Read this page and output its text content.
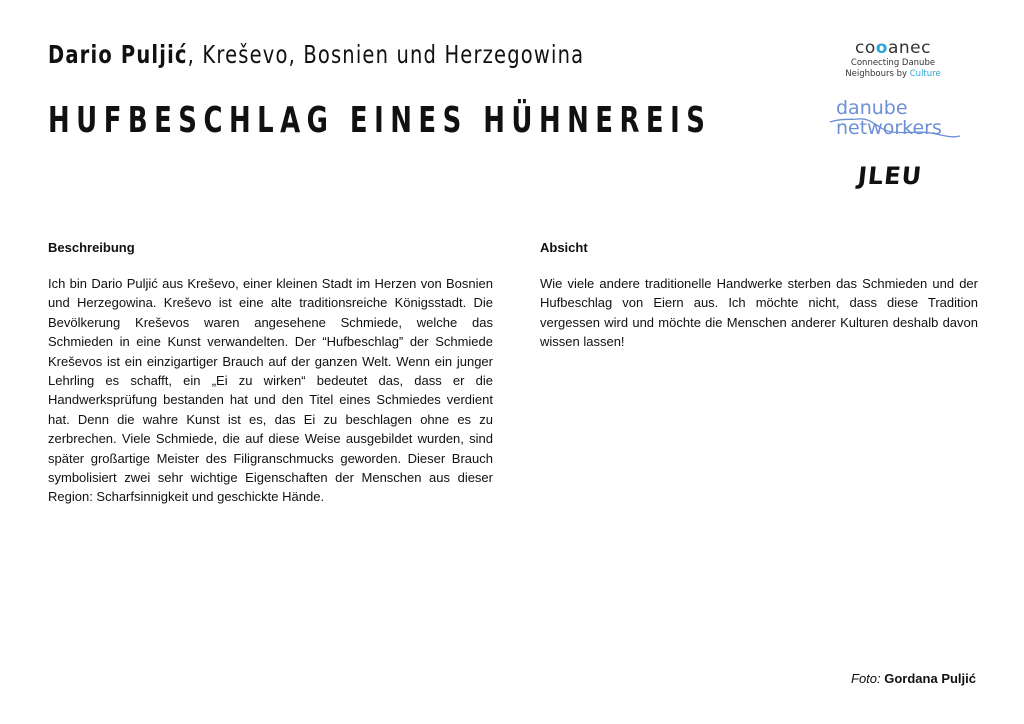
Dario Puljić, Kreševo, Bosnien und Herzegowina
HUFBESCHLAG EINES HÜHNEREIS
cooanec
Connecting Danube
Neighbours by Culture
danube
networkers
JLEU
Beschreibung

Ich bin Dario Puljić aus Kreševo, einer kleinen Stadt im Herzen von Bosnien und Herzegowina. Kreševo ist eine alte traditionsreiche Königsstadt. Die Bevölkerung Kreševos waren angesehene Schmiede, welche das Schmieden in eine Kunst verwandelten. Der “Hufbeschlag” der Schmiede Kreševos ist ein einzigartiger Brauch auf der ganzen Welt. Wenn ein junger Lehrling es schafft, ein „Ei zu wirken“ bedeutet das, dass er die Handwerksprüfung bestanden hat und den Titel eines Schmiedes verdient hat. Denn die wahre Kunst ist es, das Ei zu beschlagen ohne es zu zerbrechen. Viele Schmiede, die auf diese Weise ausgebildet wurden, sind später großartige Meister des Filigranschmucks geworden. Dieser Brauch symbolisiert zwei sehr wichtige Eigenschaften der Menschen aus dieser Region: Scharfsinnigkeit und geschickte Hände.

Absicht

Wie viele andere traditionelle Handwerke sterben das Schmieden und der Hufbeschlag von Eiern aus. Ich möchte nicht, dass diese Tradition vergessen wird und möchte die Menschen anderer Kulturen deshalb davon wissen lassen!

Foto: Gordana Puljić
